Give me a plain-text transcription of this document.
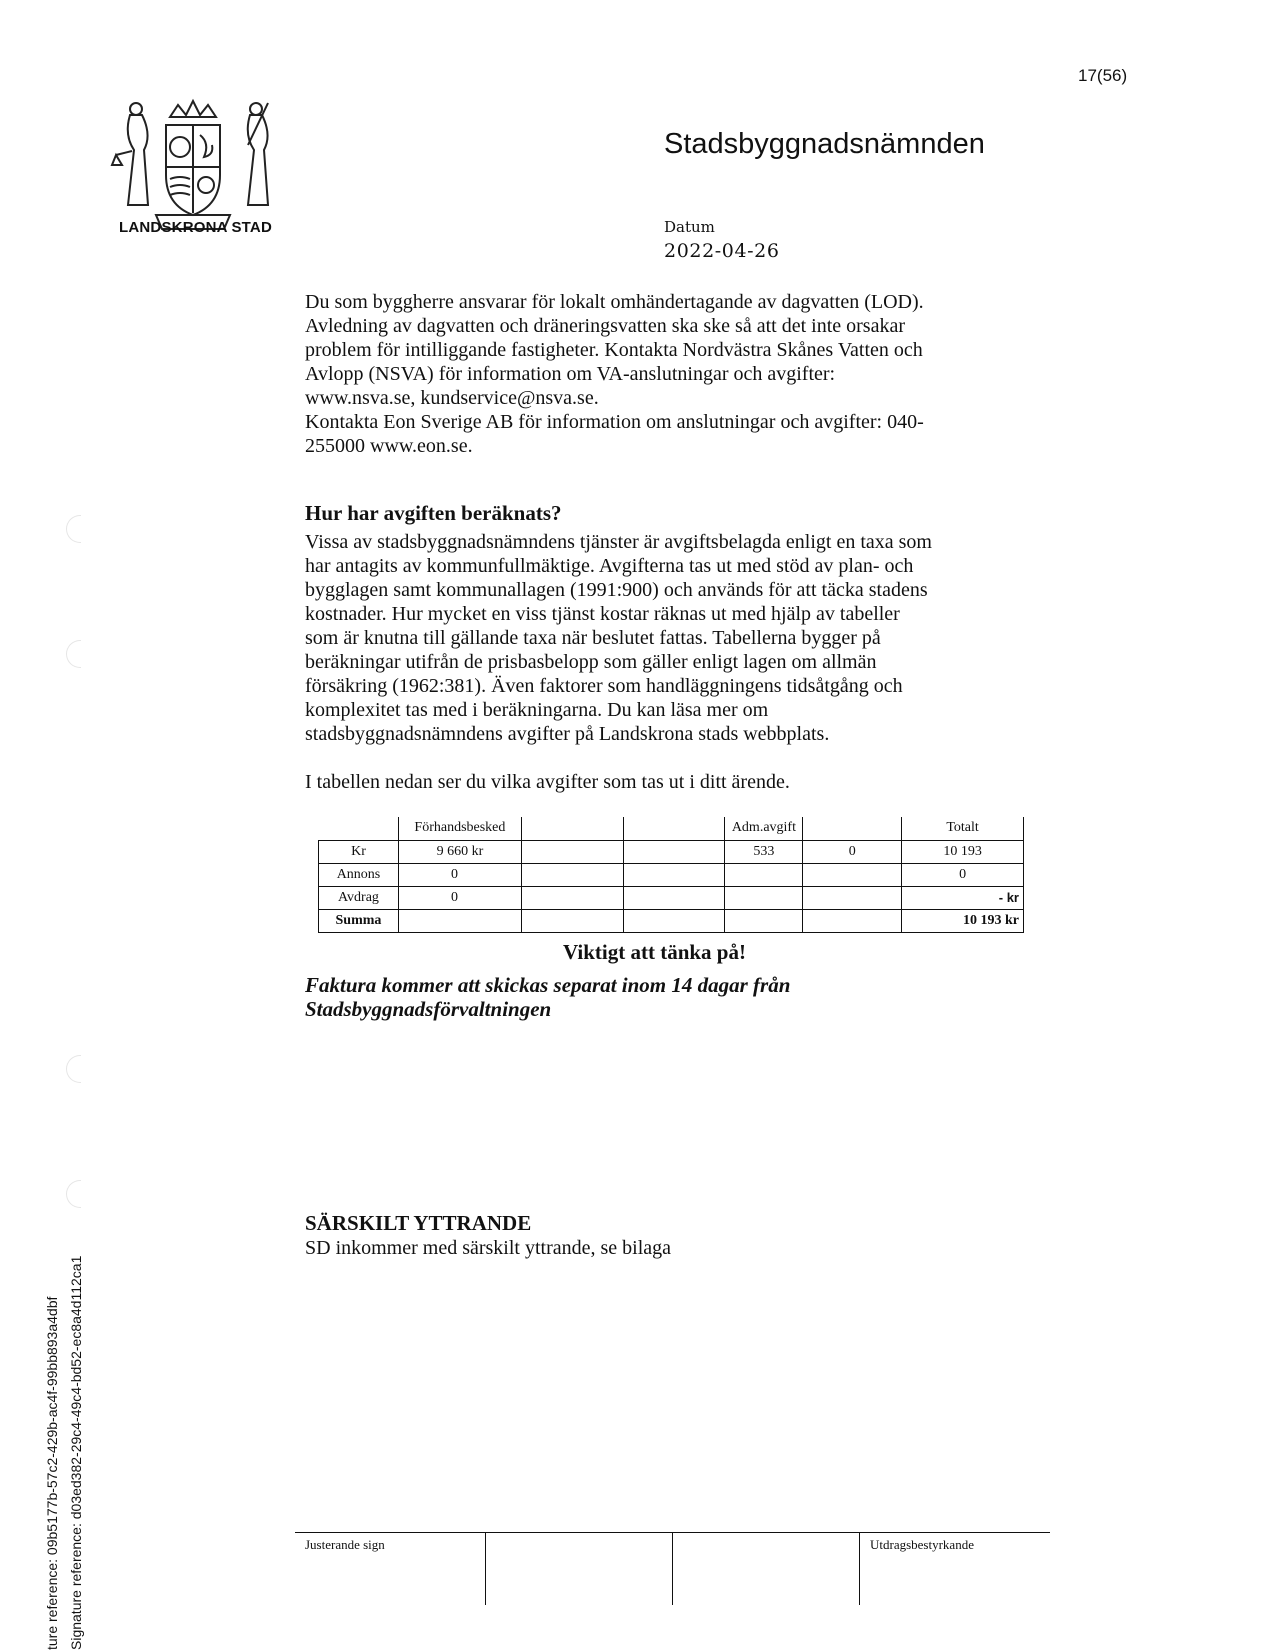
17(56)
LANDSKRONA STAD
Stadsbyggnadsnämnden
Datum
2022-04-26
Du som byggherre ansvarar för lokalt omhändertagande av dagvatten (LOD).
Avledning av dagvatten och dräneringsvatten ska ske så att det inte orsakar
problem för intilliggande fastigheter. Kontakta Nordvästra Skånes Vatten och
Avlopp (NSVA) för information om VA-anslutningar och avgifter:
www.nsva.se, kundservice@nsva.se.
Kontakta Eon Sverige AB för information om anslutningar och avgifter: 040-
255000 www.eon.se.
Hur har avgiften beräknats?
Vissa av stadsbyggnadsnämndens tjänster är avgiftsbelagda enligt en taxa som
har antagits av kommunfullmäktige. Avgifterna tas ut med stöd av plan- och
bygglagen samt kommunallagen (1991:900) och används för att täcka stadens
kostnader. Hur mycket en viss tjänst kostar räknas ut med hjälp av tabeller
som är knutna till gällande taxa när beslutet fattas. Tabellerna bygger på
beräkningar utifrån de prisbasbelopp som gäller enligt lagen om allmän
försäkring (1962:381). Även faktorer som handläggningens tidsåtgång och
komplexitet tas med i beräkningarna. Du kan läsa mer om
stadsbyggnadsnämndens avgifter på Landskrona stads webbplats.
I tabellen nedan ser du vilka avgifter som tas ut i ditt ärende.
	Förhandsbesked			Adm.avgift		Totalt
Kr	9 660 kr			533	0	10 193
Annons	0					0
Avdrag	0					- kr
Summa						10 193 kr
Viktigt att tänka på!
Faktura kommer att skickas separat inom 14 dagar från
Stadsbyggnadsförvaltningen
SÄRSKILT YTTRANDE
SD inkommer med särskilt yttrande, se bilaga
ture reference: 09b5177b-57c2-429b-ac4f-99bb893a4dbf Signature reference: d03ed382-29c4-49c4-bd52-ec8a4d112ca1	Justerande sign	Utdragsbestyrkande
